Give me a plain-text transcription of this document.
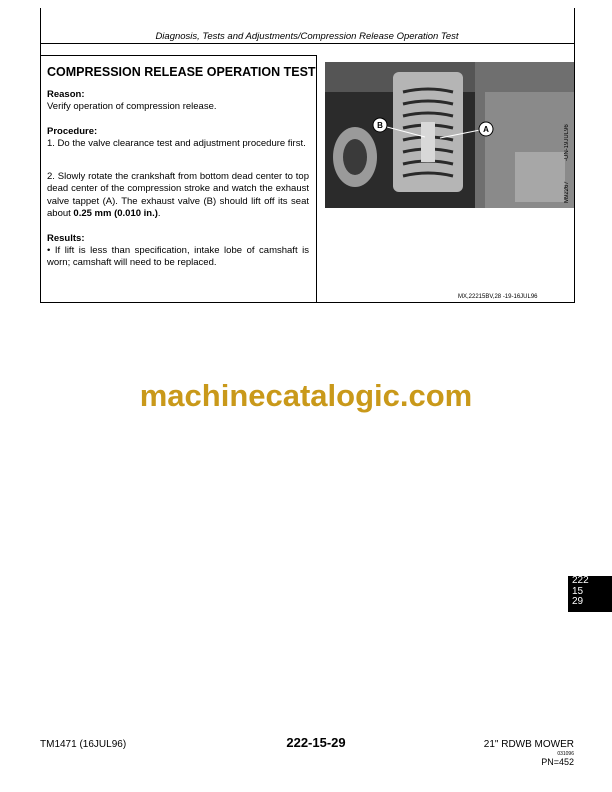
Diagnosis, Tests and Adjustments/Compression Release Operation Test
COMPRESSION RELEASE OPERATION TEST
Reason:
Verify operation of compression release.
Procedure:
1. Do the valve clearance test and adjustment procedure first.
2. Slowly rotate the crankshaft from bottom dead center to top dead center of the compression stroke and watch the exhaust valve tappet (A). The exhaust valve (B) should lift off its seat about 0.25 mm (0.010 in.).
Results:
• If lift is less than specification, intake lobe of camshaft is worn; camshaft will need to be replaced.
B	A
M92267
-UN-19JUL96
MX,22215BV,28 -19-16JUL96
machinecatalogic.com
222
15
29
TM1471 (16JUL96)	222-15-29	21" RDWB MOWER
031096
PN=452
